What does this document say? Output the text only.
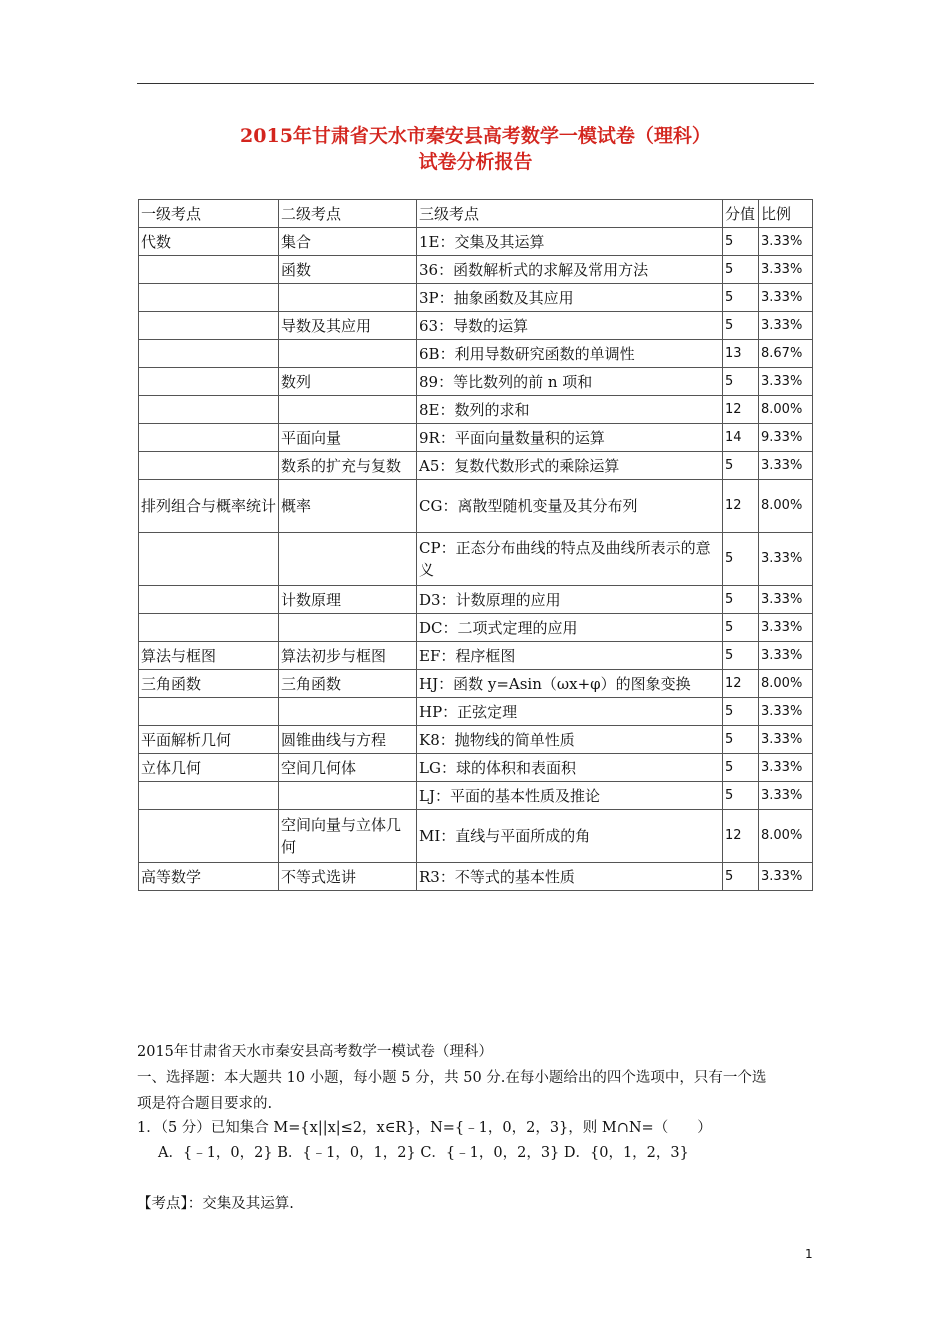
2015年甘肃省天水市秦安县高考数学一模试卷（理科）
试卷分析报告
一级考点	二级考点	三级考点	分值	比例
代数	集合	1E：交集及其运算	5	3.33%
	函数	36：函数解析式的求解及常用方法	5	3.33%
		3P：抽象函数及其应用	5	3.33%
	导数及其应用	63：导数的运算	5	3.33%
		6B：利用导数研究函数的单调性	13	8.67%
	数列	89：等比数列的前 n 项和	5	3.33%
		8E：数列的求和	12	8.00%
	平面向量	9R：平面向量数量积的运算	14	9.33%
	数系的扩充与复数	A5：复数代数形式的乘除运算	5	3.33%
排列组合与概率统计	概率	CG：离散型随机变量及其分布列	12	8.00%
		CP：正态分布曲线的特点及曲线所表示的意义	5	3.33%
	计数原理	D3：计数原理的应用	5	3.33%
		DC：二项式定理的应用	5	3.33%
算法与框图	算法初步与框图	EF：程序框图	5	3.33%
三角函数	三角函数	HJ：函数 y=Asin（ωx+φ）的图象变换	12	8.00%
		HP：正弦定理	5	3.33%
平面解析几何	圆锥曲线与方程	K8：抛物线的简单性质	5	3.33%
立体几何	空间几何体	LG：球的体积和表面积	5	3.33%
		LJ：平面的基本性质及推论	5	3.33%
	空间向量与立体几何	MI：直线与平面所成的角	12	8.00%
高等数学	不等式选讲	R3：不等式的基本性质	5	3.33%
2015年甘肃省天水市秦安县高考数学一模试卷（理科）
一、选择题：本大题共 10 小题，每小题 5 分，共 50 分.在每小题给出的四个选项中，只有一个选
项是符合题目要求的.
1．（5 分）已知集合 M={x||x|≤2，x∈R}，N={﹣1，0，2，3}，则 M∩N=（　　）
A．{﹣1，0，2} B．{﹣1，0，1，2} C．{﹣1，0，2，3} D．{0，1，2，3}
【考点】：交集及其运算.
1
